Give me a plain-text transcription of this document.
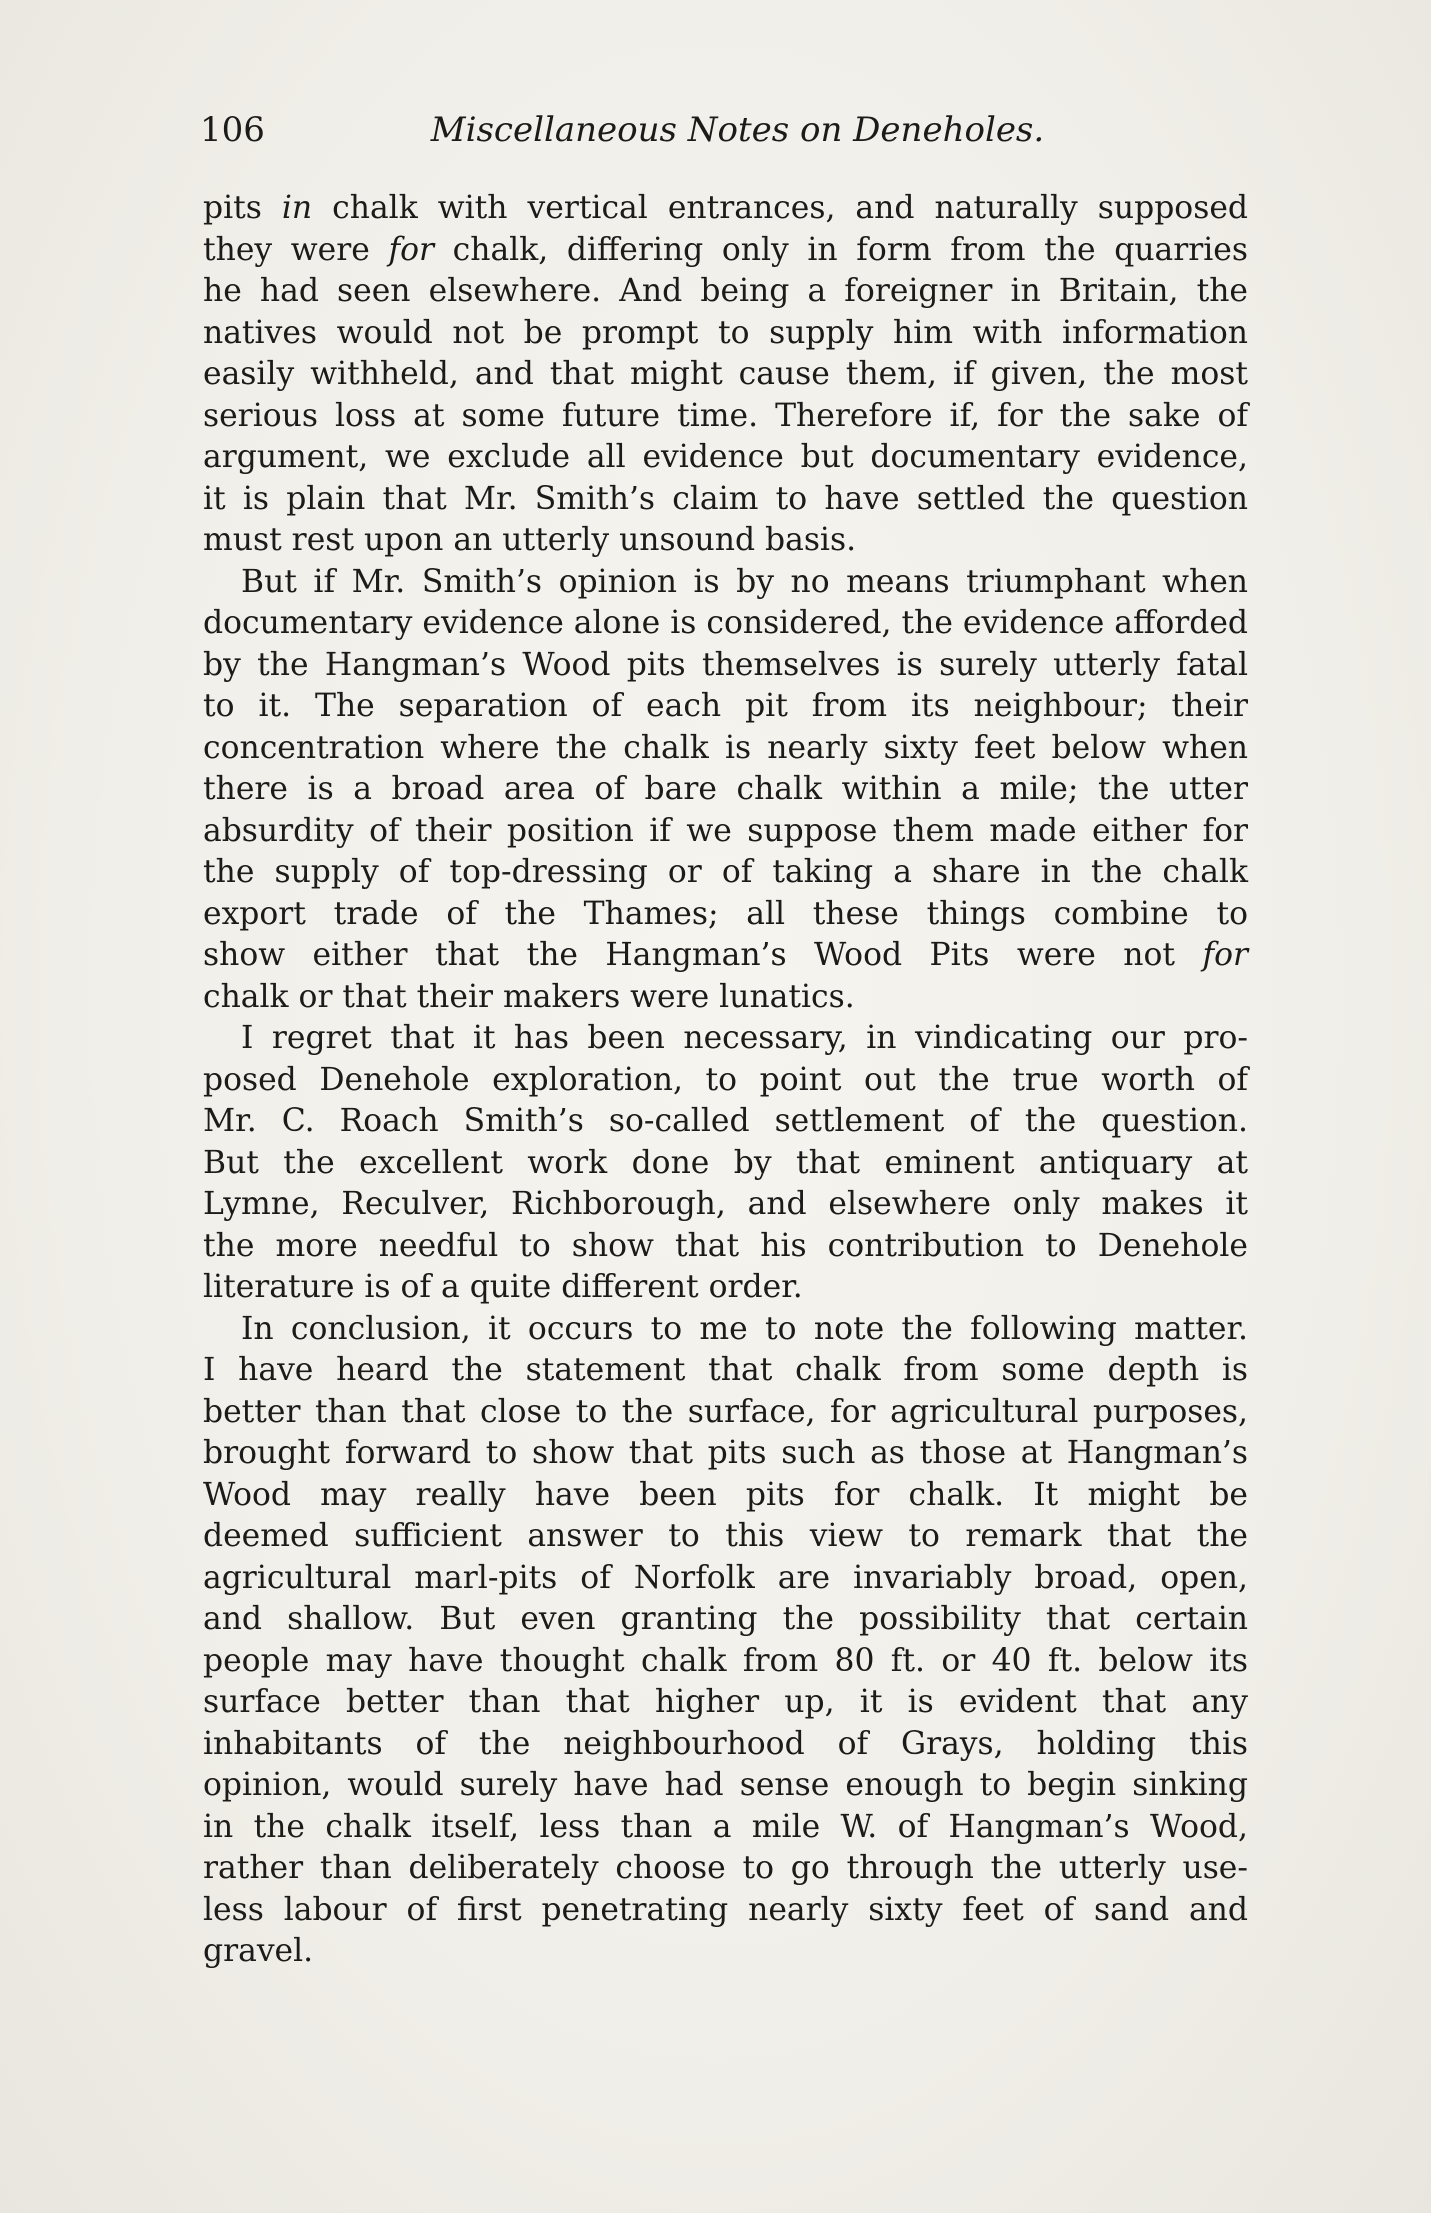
106	Miscellaneous Notes on Deneholes.
pits in chalk with vertical entrances, and naturally supposed
they were for chalk, differing only in form from the quarries
he had seen elsewhere. And being a foreigner in Britain, the
natives would not be prompt to supply him with information
easily withheld, and that might cause them, if given, the most
serious loss at some future time. Therefore if, for the sake of
argument, we exclude all evidence but documentary evidence,
it is plain that Mr. Smith’s claim to have settled the question
must rest upon an utterly unsound basis.
But if Mr. Smith’s opinion is by no means triumphant when
documentary evidence alone is considered, the evidence afforded
by the Hangman’s Wood pits themselves is surely utterly fatal
to it. The separation of each pit from its neighbour; their
concentration where the chalk is nearly sixty feet below when
there is a broad area of bare chalk within a mile; the utter
absurdity of their position if we suppose them made either for
the supply of top-dressing or of taking a share in the chalk
export trade of the Thames; all these things combine to
show either that the Hangman’s Wood Pits were not for
chalk or that their makers were lunatics.
I regret that it has been necessary, in vindicating our pro-
posed Denehole exploration, to point out the true worth of
Mr. C. Roach Smith’s so-called settlement of the question.
But the excellent work done by that eminent antiquary at
Lymne, Reculver, Richborough, and elsewhere only makes it
the more needful to show that his contribution to Denehole
literature is of a quite different order.
In conclusion, it occurs to me to note the following matter.
I have heard the statement that chalk from some depth is
better than that close to the surface, for agricultural purposes,
brought forward to show that pits such as those at Hangman’s
Wood may really have been pits for chalk. It might be
deemed sufficient answer to this view to remark that the
agricultural marl-pits of Norfolk are invariably broad, open,
and shallow. But even granting the possibility that certain
people may have thought chalk from 80 ft. or 40 ft. below its
surface better than that higher up, it is evident that any
inhabitants of the neighbourhood of Grays, holding this
opinion, would surely have had sense enough to begin sinking
in the chalk itself, less than a mile W. of Hangman’s Wood,
rather than deliberately choose to go through the utterly use-
less labour of first penetrating nearly sixty feet of sand and
gravel.
